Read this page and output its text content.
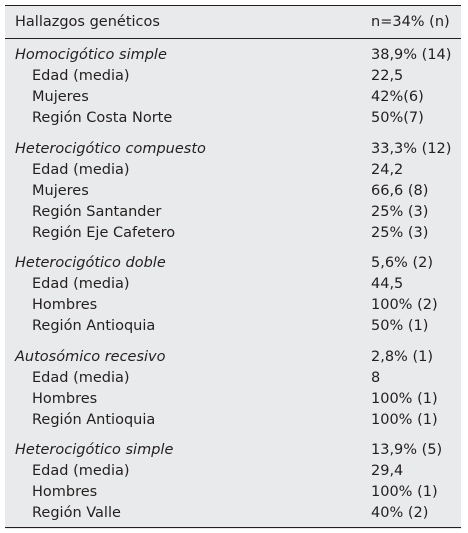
Hallazgos genéticos	n=34% (n)
Homocigótico simple	38,9% (14)
Edad (media)	22,5
Mujeres	42%(6)
Región Costa Norte	50%(7)
Heterocigótico compuesto	33,3% (12)
Edad (media)	24,2
Mujeres	66,6 (8)
Región Santander	25% (3)
Región Eje Cafetero	25% (3)
Heterocigótico doble	5,6% (2)
Edad (media)	44,5
Hombres	100% (2)
Región Antioquia	50% (1)
Autosómico recesivo	2,8% (1)
Edad (media)	8
Hombres	100% (1)
Región Antioquia	100% (1)
Heterocigótico simple	13,9% (5)
Edad (media)	29,4
Hombres	100% (1)
Región Valle	40% (2)
